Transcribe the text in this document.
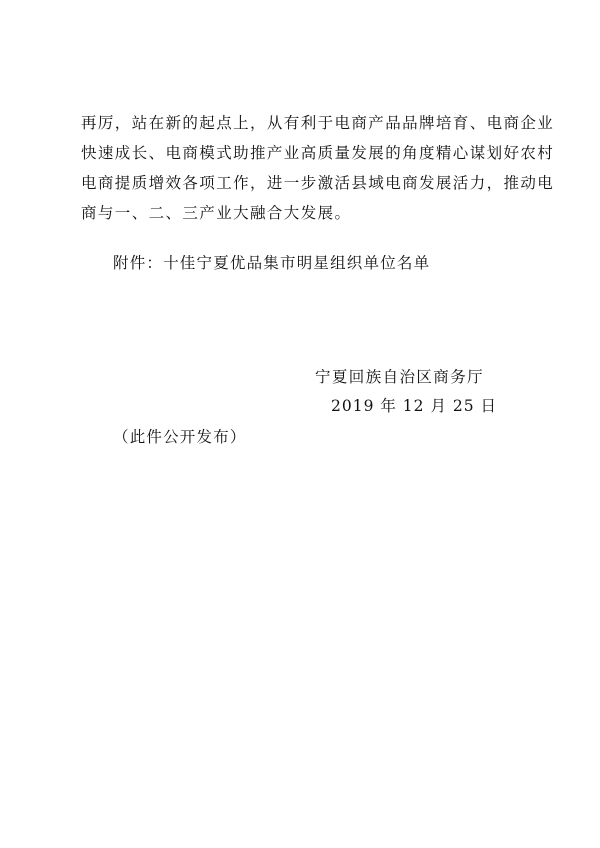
再厉，站在新的起点上，从有利于电商产品品牌培育、电商企业
快速成长、电商模式助推产业高质量发展的角度精心谋划好农村
电商提质增效各项工作，进一步激活县域电商发展活力，推动电
商与一、二、三产业大融合大发展。
附件：十佳宁夏优品集市明星组织单位名单
宁夏回族自治区商务厅
2019 年 12 月 25 日
（此件公开发布）
